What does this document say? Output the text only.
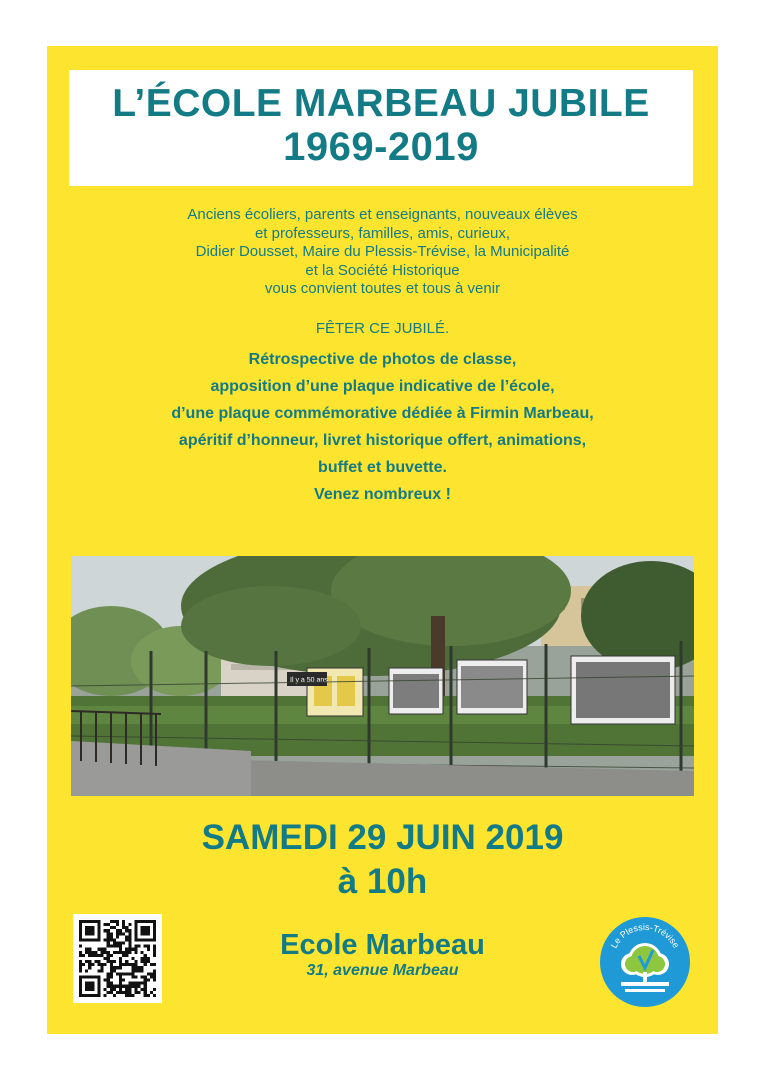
L’ÉCOLE MARBEAU JUBILE
1969-2019
Anciens écoliers, parents et enseignants, nouveaux élèves
et professeurs, familles, amis, curieux,
Didier Dousset, Maire du Plessis-Trévise, la Municipalité
et la Société Historique
vous convient toutes et tous à venir
FÊTER CE JUBILÉ.
Rétrospective de photos de classe,
apposition d’une plaque indicative de l’école,
d’une plaque commémorative dédiée à Firmin Marbeau,
apéritif d’honneur, livret historique offert, animations,
buffet et buvette.
Venez nombreux !
Il y a 50 ans...
SAMEDI 29 JUIN 2019
à 10h
Ecole Marbeau
31, avenue Marbeau
Le Plessis-Trévise
